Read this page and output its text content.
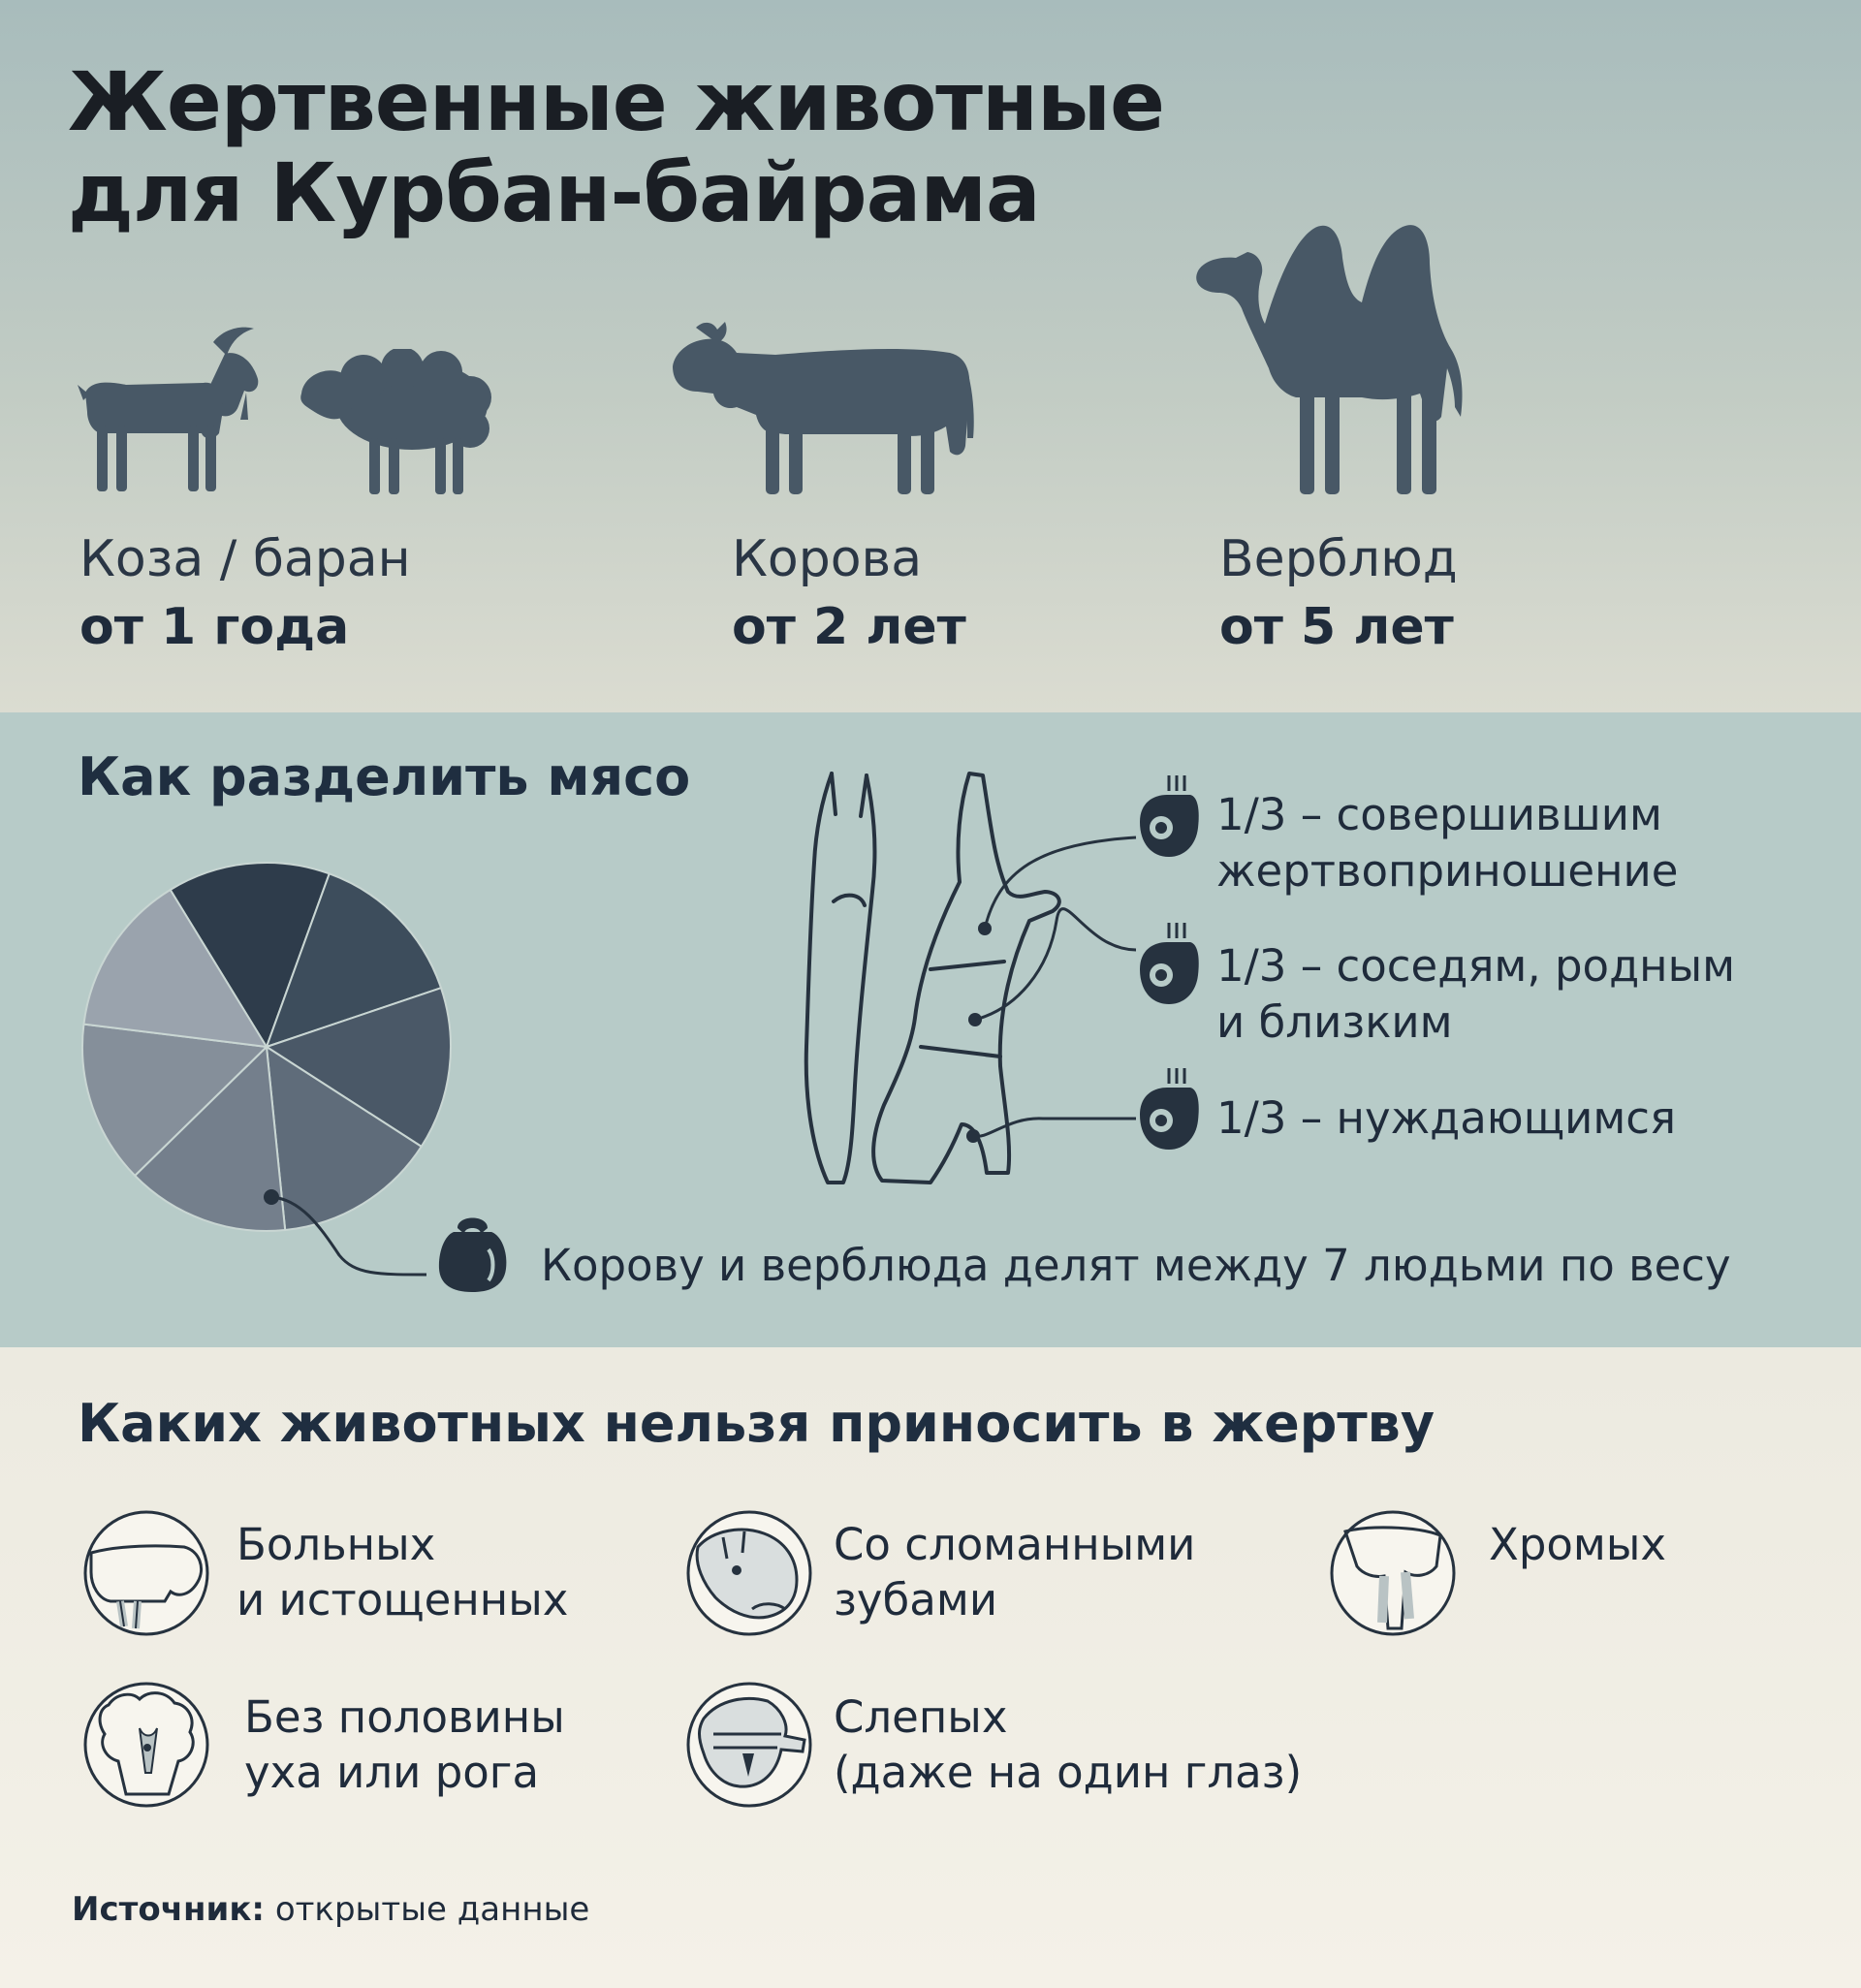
Жертвенные животные
для Курбан-байрама
Коза / баран
от 1 года
Корова
от 2 лет
Верблюд
от 5 лет
Как разделить мясо
1/3 – совершившим
жертвоприношение
1/3 – соседям, родным
и близким
1/3 – нуждающимся
Корову и верблюда делят между 7 людьми по весу
Каких животных нельзя приносить в жертву
Больных
и истощенных
Со сломанными
зубами
Хромых
Без половины
уха или рога
Слепых
(даже на один глаз)
Источник: открытые данные
